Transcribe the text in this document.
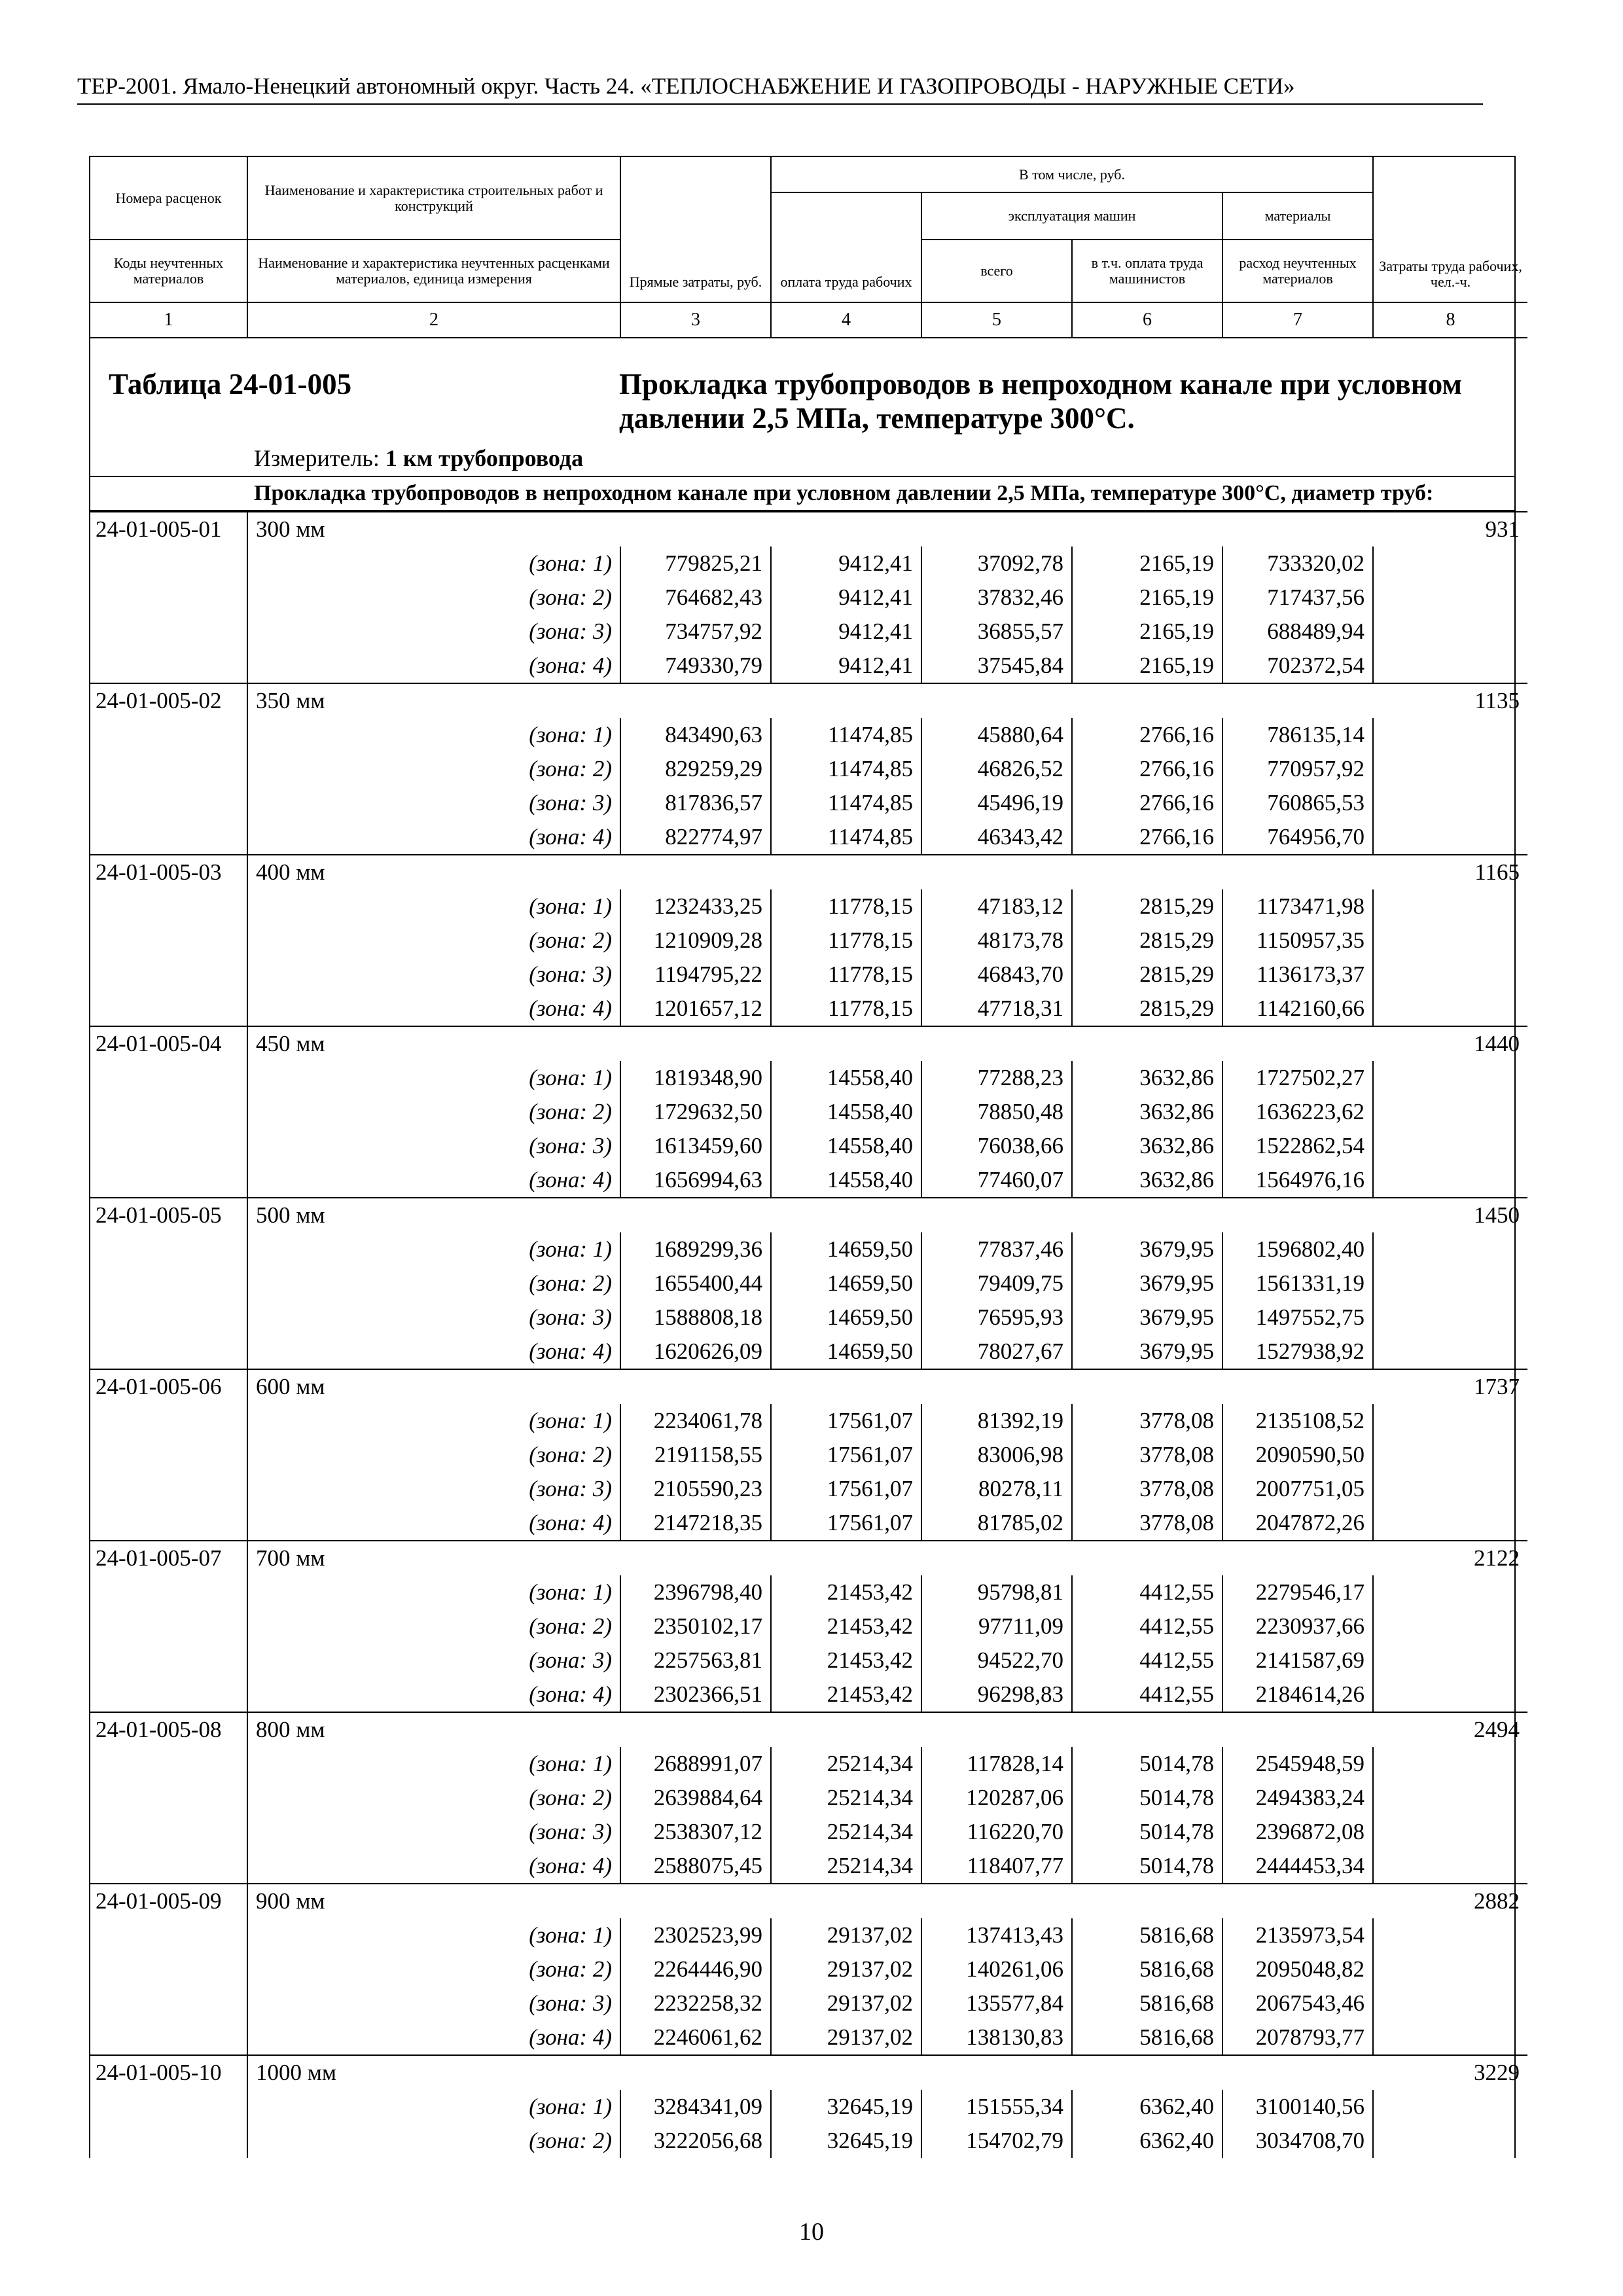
ТЕР-2001. Ямало-Ненецкий автономный округ. Часть 24. «ТЕПЛОСНАБЖЕНИЕ И ГАЗОПРОВОДЫ - НАРУЖНЫЕ СЕТИ»
Номера расценок	Наименование и характеристика строительных работ и конструкций	Прямые затраты, руб.	В том числе, руб.				Затраты труда рабочих, чел.-ч.
			оплата труда рабочих	эксплуатация машин		материалы	
Коды неучтенных материалов	Наименование и характеристика неучтенных расценками материалов, единица измерения			всего	в т.ч. оплата труда машинистов	расход неучтенных материалов	
1	2	3	4	5	6	7	8
Таблица 24-01-005	Прокладка трубопроводов в непроходном канале при условном давлении 2,5 МПа, температуре 300°С.
Измеритель: 1 км трубопровода
Прокладка трубопроводов в непроходном канале при условном давлении 2,5 МПа, температуре 300°С, диаметр труб:
24-01-005-01	300 мм						931
	(зона: 1)	779825,21	9412,41	37092,78	2165,19	733320,02	
	(зона: 2)	764682,43	9412,41	37832,46	2165,19	717437,56	
	(зона: 3)	734757,92	9412,41	36855,57	2165,19	688489,94	
	(зона: 4)	749330,79	9412,41	37545,84	2165,19	702372,54	
24-01-005-02	350 мм						1135
	(зона: 1)	843490,63	11474,85	45880,64	2766,16	786135,14	
	(зона: 2)	829259,29	11474,85	46826,52	2766,16	770957,92	
	(зона: 3)	817836,57	11474,85	45496,19	2766,16	760865,53	
	(зона: 4)	822774,97	11474,85	46343,42	2766,16	764956,70	
24-01-005-03	400 мм						1165
	(зона: 1)	1232433,25	11778,15	47183,12	2815,29	1173471,98	
	(зона: 2)	1210909,28	11778,15	48173,78	2815,29	1150957,35	
	(зона: 3)	1194795,22	11778,15	46843,70	2815,29	1136173,37	
	(зона: 4)	1201657,12	11778,15	47718,31	2815,29	1142160,66	
24-01-005-04	450 мм						1440
	(зона: 1)	1819348,90	14558,40	77288,23	3632,86	1727502,27	
	(зона: 2)	1729632,50	14558,40	78850,48	3632,86	1636223,62	
	(зона: 3)	1613459,60	14558,40	76038,66	3632,86	1522862,54	
	(зона: 4)	1656994,63	14558,40	77460,07	3632,86	1564976,16	
24-01-005-05	500 мм						1450
	(зона: 1)	1689299,36	14659,50	77837,46	3679,95	1596802,40	
	(зона: 2)	1655400,44	14659,50	79409,75	3679,95	1561331,19	
	(зона: 3)	1588808,18	14659,50	76595,93	3679,95	1497552,75	
	(зона: 4)	1620626,09	14659,50	78027,67	3679,95	1527938,92	
24-01-005-06	600 мм						1737
	(зона: 1)	2234061,78	17561,07	81392,19	3778,08	2135108,52	
	(зона: 2)	2191158,55	17561,07	83006,98	3778,08	2090590,50	
	(зона: 3)	2105590,23	17561,07	80278,11	3778,08	2007751,05	
	(зона: 4)	2147218,35	17561,07	81785,02	3778,08	2047872,26	
24-01-005-07	700 мм						2122
	(зона: 1)	2396798,40	21453,42	95798,81	4412,55	2279546,17	
	(зона: 2)	2350102,17	21453,42	97711,09	4412,55	2230937,66	
	(зона: 3)	2257563,81	21453,42	94522,70	4412,55	2141587,69	
	(зона: 4)	2302366,51	21453,42	96298,83	4412,55	2184614,26	
24-01-005-08	800 мм						2494
	(зона: 1)	2688991,07	25214,34	117828,14	5014,78	2545948,59	
	(зона: 2)	2639884,64	25214,34	120287,06	5014,78	2494383,24	
	(зона: 3)	2538307,12	25214,34	116220,70	5014,78	2396872,08	
	(зона: 4)	2588075,45	25214,34	118407,77	5014,78	2444453,34	
24-01-005-09	900 мм						2882
	(зона: 1)	2302523,99	29137,02	137413,43	5816,68	2135973,54	
	(зона: 2)	2264446,90	29137,02	140261,06	5816,68	2095048,82	
	(зона: 3)	2232258,32	29137,02	135577,84	5816,68	2067543,46	
	(зона: 4)	2246061,62	29137,02	138130,83	5816,68	2078793,77	
24-01-005-10	1000 мм						3229
	(зона: 1)	3284341,09	32645,19	151555,34	6362,40	3100140,56	
	(зона: 2)	3222056,68	32645,19	154702,79	6362,40	3034708,70	
10
